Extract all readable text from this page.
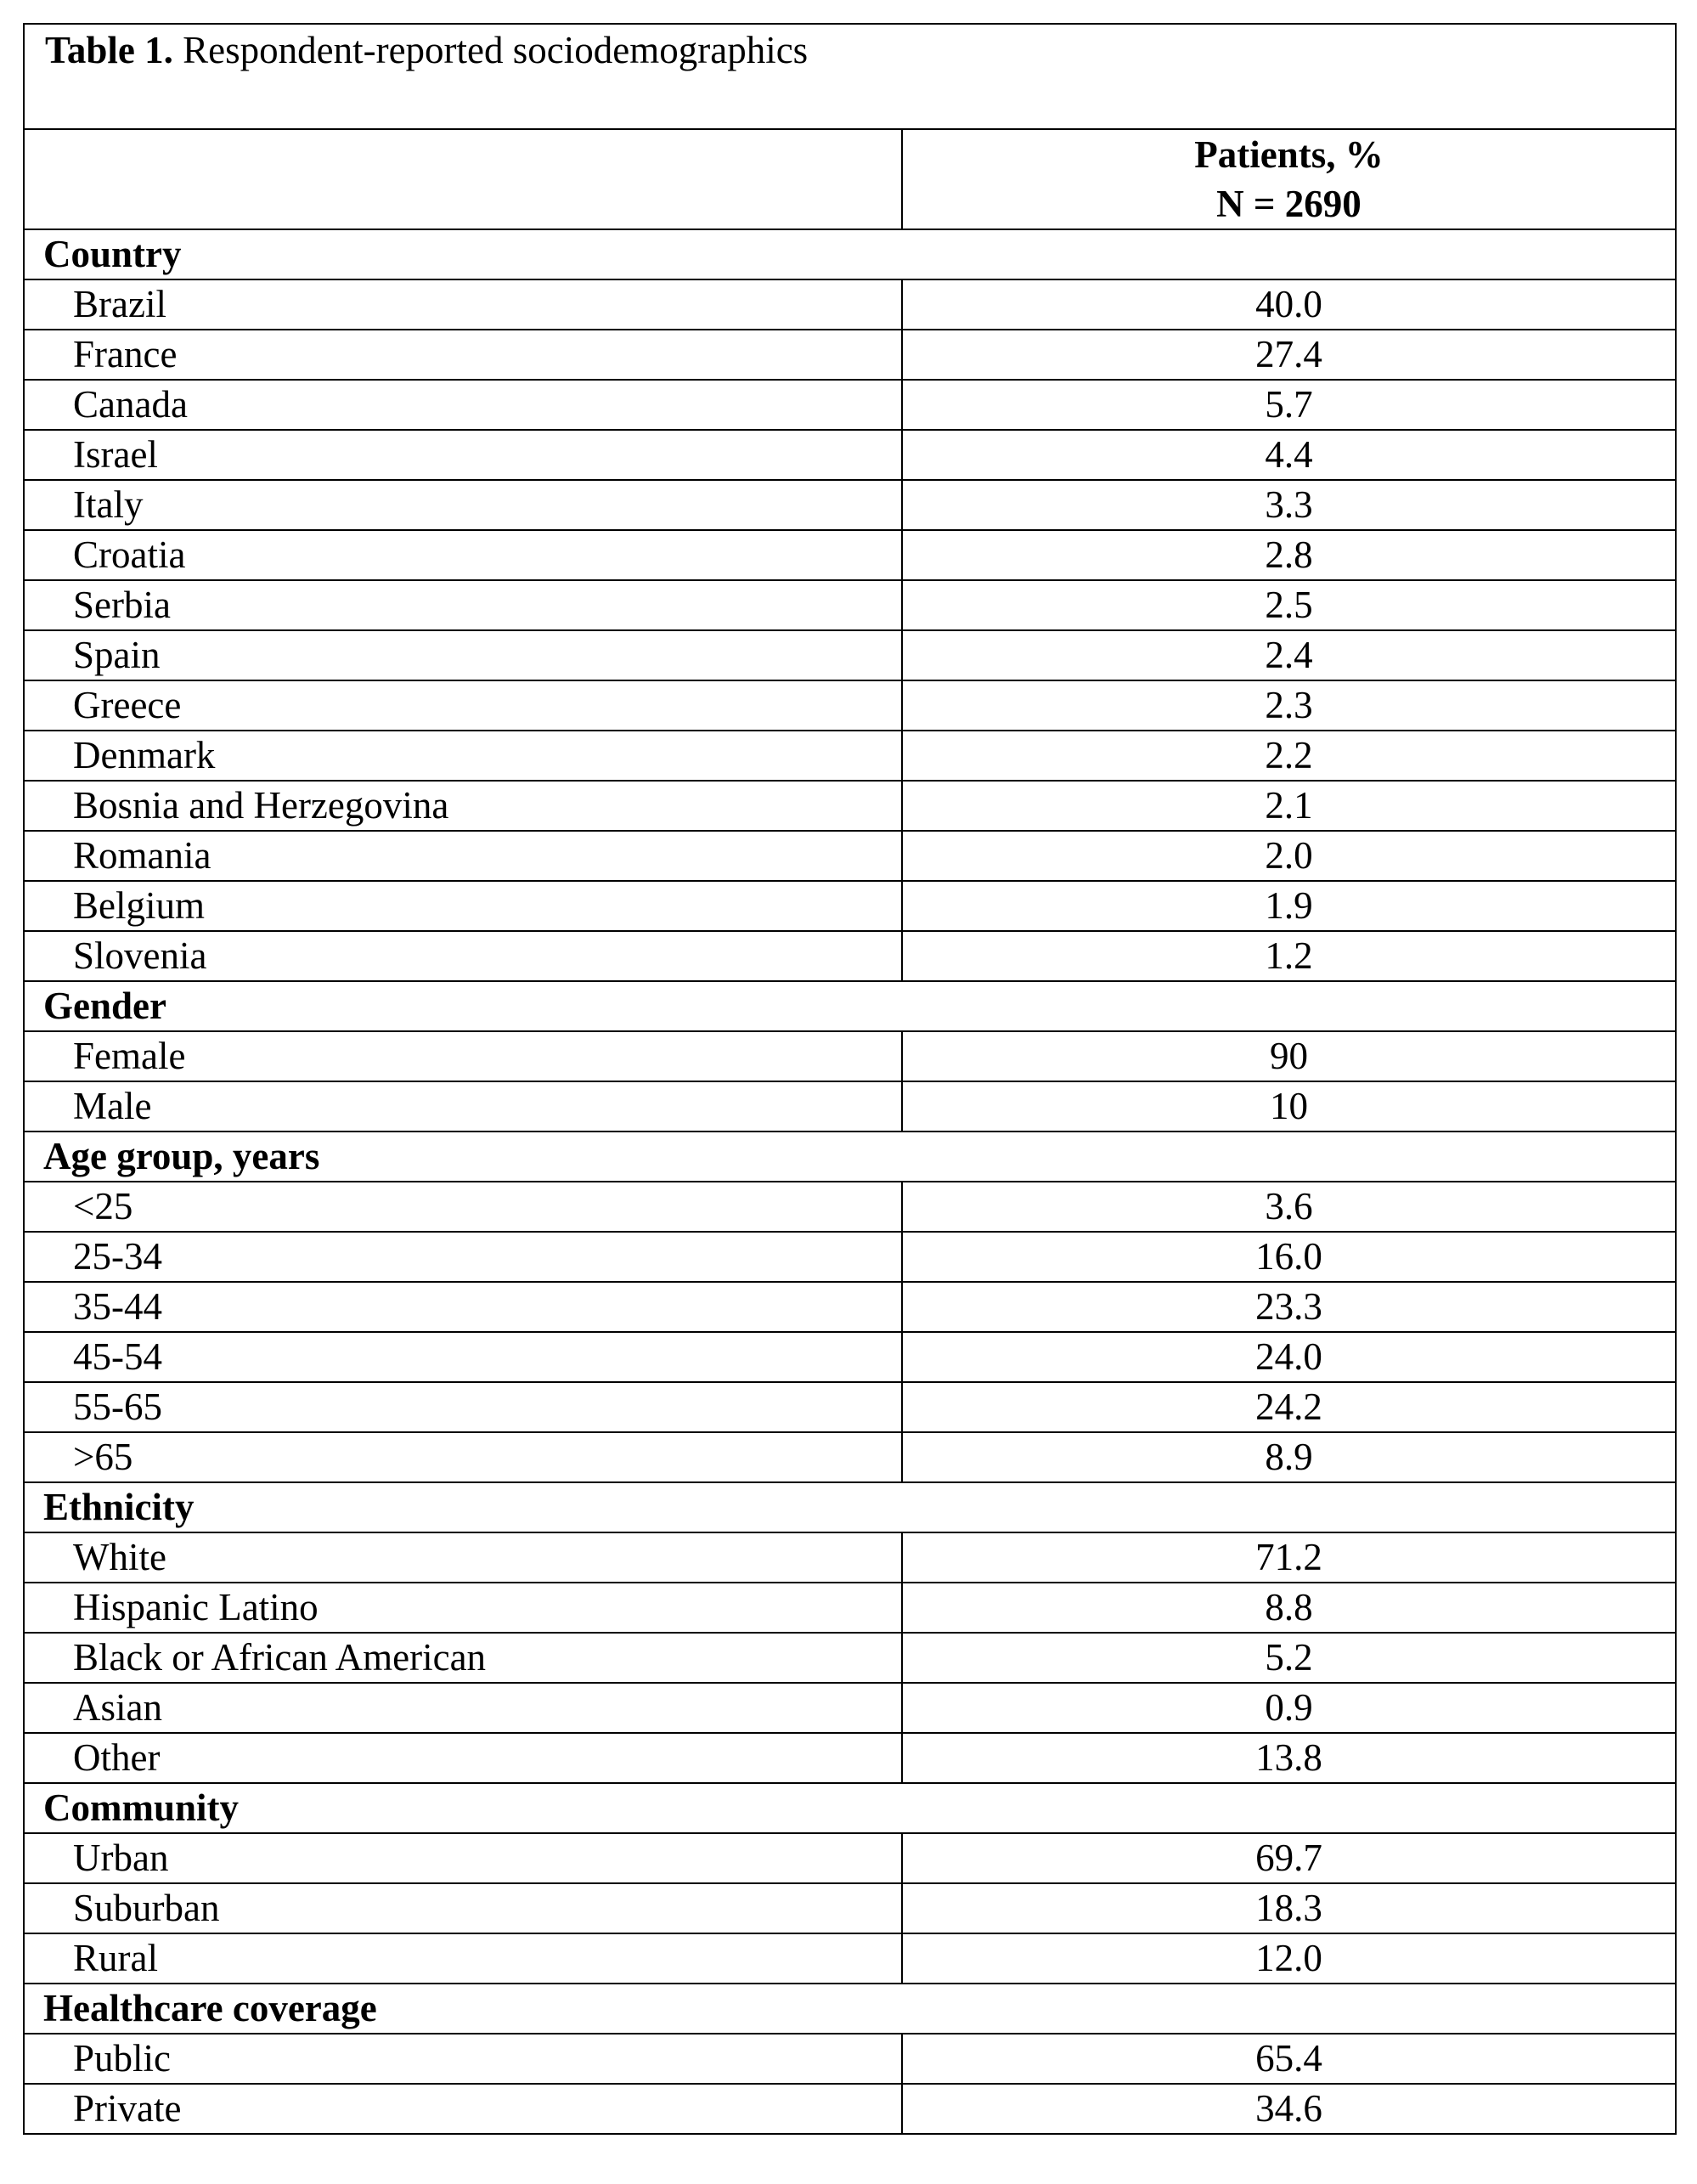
Table 1. Respondent-reported sociodemographics	

	Patients, %
N = 2690

Country	
Brazil	40.0
France	27.4
Canada	5.7
Israel	4.4
Italy	3.3
Croatia	2.8
Serbia	2.5
Spain	2.4
Greece	2.3
Denmark	2.2
Bosnia and Herzegovina	2.1
Romania	2.0
Belgium	1.9
Slovenia	1.2
Gender	
Female	90
Male	10
Age group, years	
<25	3.6
25-34	16.0
35-44	23.3
45-54	24.0
55-65	24.2
>65	8.9
Ethnicity	
White	71.2
Hispanic Latino	8.8
Black or African American	5.2
Asian	0.9
Other	13.8
Community	
Urban	69.7
Suburban	18.3
Rural	12.0
Healthcare coverage	
Public	65.4
Private	34.6
